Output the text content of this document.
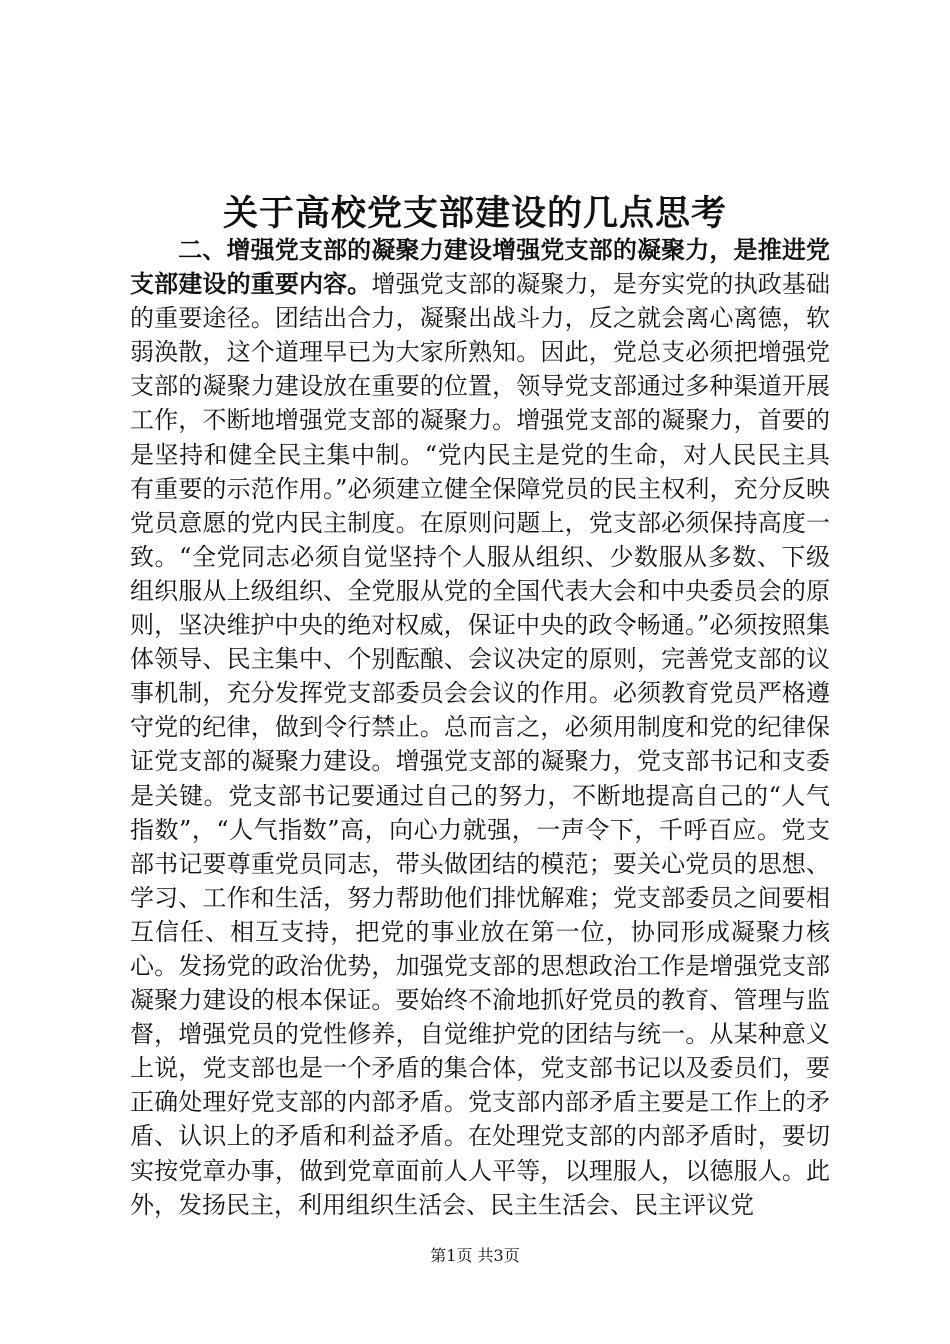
关于高校党支部建设的几点思考

二、增强党支部的凝聚力建设增强党支部的凝聚力，是推进党支部建设的重要内容。增强党支部的凝聚力，是夯实党的执政基础的重要途径。团结出合力，凝聚出战斗力，反之就会离心离德，软弱涣散，这个道理早已为大家所熟知。因此，党总支必须把增强党支部的凝聚力建设放在重要的位置，领导党支部通过多种渠道开展工作，不断地增强党支部的凝聚力。增强党支部的凝聚力，首要的是坚持和健全民主集中制。“党内民主是党的生命，对人民民主具有重要的示范作用。”必须建立健全保障党员的民主权利，充分反映党员意愿的党内民主制度。在原则问题上，党支部必须保持高度一致。“全党同志必须自觉坚持个人服从组织、少数服从多数、下级组织服从上级组织、全党服从党的全国代表大会和中央委员会的原则，坚决维护中央的绝对权威，保证中央的政令畅通。”必须按照集体领导、民主集中、个别酝酿、会议决定的原则，完善党支部的议事机制，充分发挥党支部委员会会议的作用。必须教育党员严格遵守党的纪律，做到令行禁止。总而言之，必须用制度和党的纪律保证党支部的凝聚力建设。增强党支部的凝聚力，党支部书记和支委是关键。党支部书记要通过自己的努力，不断地提高自己的“人气指数”，“人气指数”高，向心力就强，一声令下，千呼百应。党支部书记要尊重党员同志，带头做团结的模范；要关心党员的思想、学习、工作和生活，努力帮助他们排忧解难；党支部委员之间要相互信任、相互支持，把党的事业放在第一位，协同形成凝聚力核心。发扬党的政治优势，加强党支部的思想政治工作是增强党支部凝聚力建设的根本保证。要始终不渝地抓好党员的教育、管理与监督，增强党员的党性修养，自觉维护党的团结与统一。从某种意义上说，党支部也是一个矛盾的集合体，党支部书记以及委员们，要正确处理好党支部的内部矛盾。党支部内部矛盾主要是工作上的矛盾、认识上的矛盾和利益矛盾。在处理党支部的内部矛盾时，要切实按党章办事，做到党章面前人人平等，以理服人，以德服人。此外，发扬民主，利用组织生活会、民主生活会、民主评议党

第1页 共3页
